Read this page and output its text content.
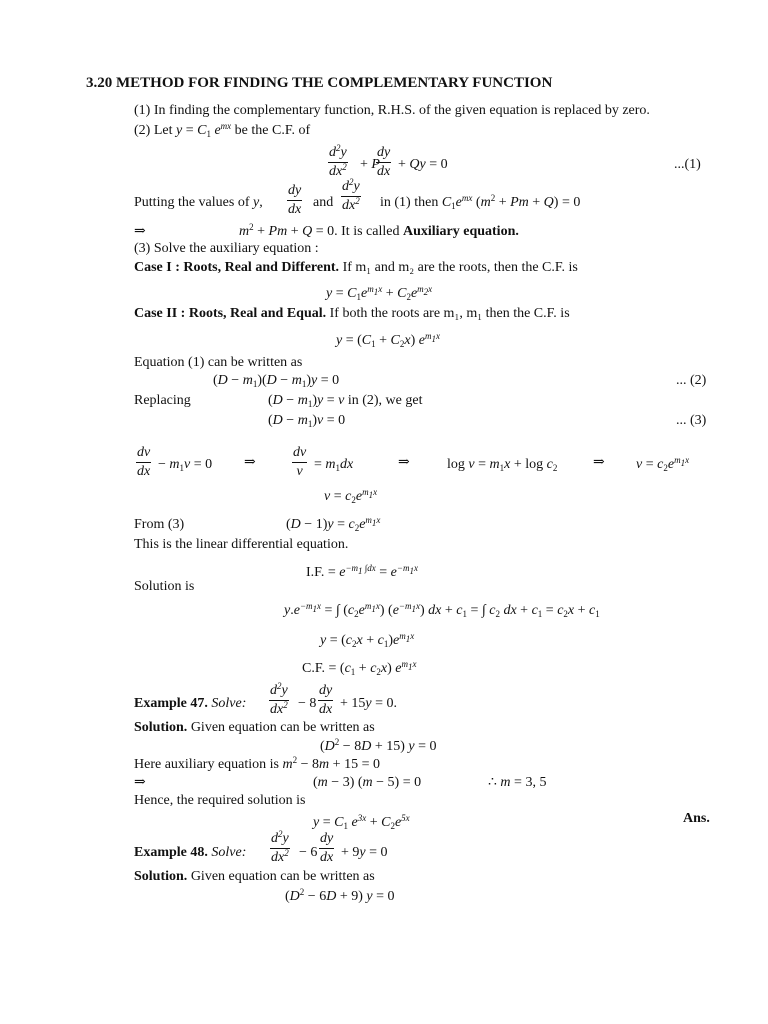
3.20 METHOD FOR FINDING THE COMPLEMENTARY FUNCTION
(1) In finding the complementary function, R.H.S. of the given equation is replaced by zero.
(2) Let $y = C_1$ $e^{mx}$ be the C.F. of
$d^2y$
$dx^2 + P$
dy
dx + Qy = 0	...(1)
Putting the values of y,
dy
dx and
$d^2y$
$dx^2$ in (1) then $C_1e^{mx}$ $(m^2 + Pm + Q) = 0$
⇒	$m^2 + Pm + Q = 0$. It is called Auxiliary equation.
(3) Solve the auxiliary equation :
Case I : Roots, Real and Different. If m₁ and m₂ are the roots, then the C.F. is
$y = C_1e^{m_1x} + C_2e^{m_2x}$
Case II : Roots, Real and Equal. If both the roots are m₁, m₁ then the C.F. is
$y = (C_1 + C_2x)$ $e^{m_1x}$
Equation (1) can be written as
$(D - m_1)(D - m_1)y = 0$	... (2)
Replacing	$(D - m_1)y = v$ in (2), we get
$(D - m_1)v = 0$	... (3)
dv
dx − $m_1v = 0$ ⇒
dv
$v = m_1dx$	⇒	$\log v = m_1x + \log c_2$	⇒ $v = c_2e^{m_1x}$
$v = c_2e^{m_1x}$
From (3)	$(D - 1)y = c_2e^{m_1x}$
This is the linear differential equation.
I.F. = $e^{-m_1 \int dx} = e^{-m_1x}$
Solution is
$y.e^{-m_1x}$ = ∫ $(c_2e^{m_1x})$ $(e^{-m_1x})$ dx + $c_1$ = ∫ $c_2$ dx + $c_1 = c_2x + c_1$
$y = (c_2x + c_1)e^{m_1x}$
C.F. = $(c_1 + c_2x)$ $e^{m_1x}$
Example 47. Solve:
$d^2y$
$dx^2 - 8$
dy
dx + 15y = 0.
Solution. Given equation can be written as
$(D^2 - 8D + 15) y = 0$
Here auxiliary equation is $m^2 - 8m + 15 = 0$
⇒	(m − 3) (m − 5) = 0	∴ m = 3, 5
Hence, the required solution is
$y = C_1$ $e^{3x} + C_2e^{5x}$	Ans.
Example 48. Solve:
$d^2y$
$dx^2 - 6$
dy
dx + 9y = 0
Solution. Given equation can be written as
$(D^2 - 6D + 9) y = 0$
